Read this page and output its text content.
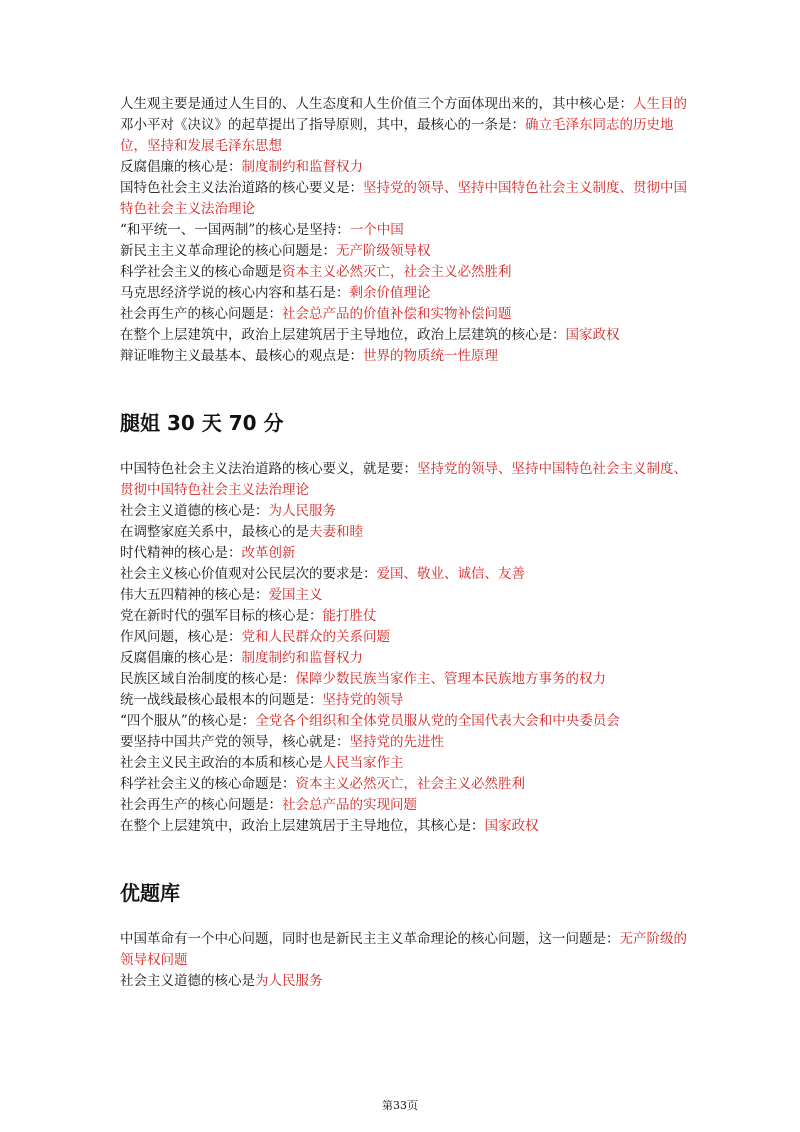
人生观主要是通过人生目的、人生态度和人生价值三个方面体现出来的，其中核心是：人生目的

邓小平对《决议》的起草提出了指导原则，其中，最核心的一条是：确立毛泽东同志的历史地位，坚持和发展毛泽东思想

反腐倡廉的核心是：制度制约和监督权力

国特色社会主义法治道路的核心要义是：坚持党的领导、坚持中国特色社会主义制度、贯彻中国特色社会主义法治理论

“和平统一、一国两制”的核心是坚持：一个中国

新民主主义革命理论的核心问题是：无产阶级领导权

科学社会主义的核心命题是资本主义必然灭亡，社会主义必然胜利

马克思经济学说的核心内容和基石是：剩余价值理论

社会再生产的核心问题是：社会总产品的价值补偿和实物补偿问题

在整个上层建筑中，政治上层建筑居于主导地位，政治上层建筑的核心是：国家政权

辩证唯物主义最基本、最核心的观点是：世界的物质统一性原理

腿姐 30 天 70 分

中国特色社会主义法治道路的核心要义，就是要：坚持党的领导、坚持中国特色社会主义制度、贯彻中国特色社会主义法治理论

社会主义道德的核心是：为人民服务

在调整家庭关系中，最核心的是夫妻和睦

时代精神的核心是：改革创新

社会主义核心价值观对公民层次的要求是：爱国、敬业、诚信、友善

伟大五四精神的核心是：爱国主义

党在新时代的强军目标的核心是：能打胜仗

作风问题，核心是：党和人民群众的关系问题

反腐倡廉的核心是：制度制约和监督权力

民族区域自治制度的核心是：保障少数民族当家作主、管理本民族地方事务的权力

统一战线最核心最根本的问题是：坚持党的领导

“四个服从”的核心是：全党各个组织和全体党员服从党的全国代表大会和中央委员会

要坚持中国共产党的领导，核心就是：坚持党的先进性

社会主义民主政治的本质和核心是人民当家作主

科学社会主义的核心命题是：资本主义必然灭亡，社会主义必然胜利

社会再生产的核心问题是：社会总产品的实现问题

在整个上层建筑中，政治上层建筑居于主导地位，其核心是：国家政权

优题库

中国革命有一个中心问题，同时也是新民主主义革命理论的核心问题，这一问题是：无产阶级的领导权问题

社会主义道德的核心是为人民服务

第33页
